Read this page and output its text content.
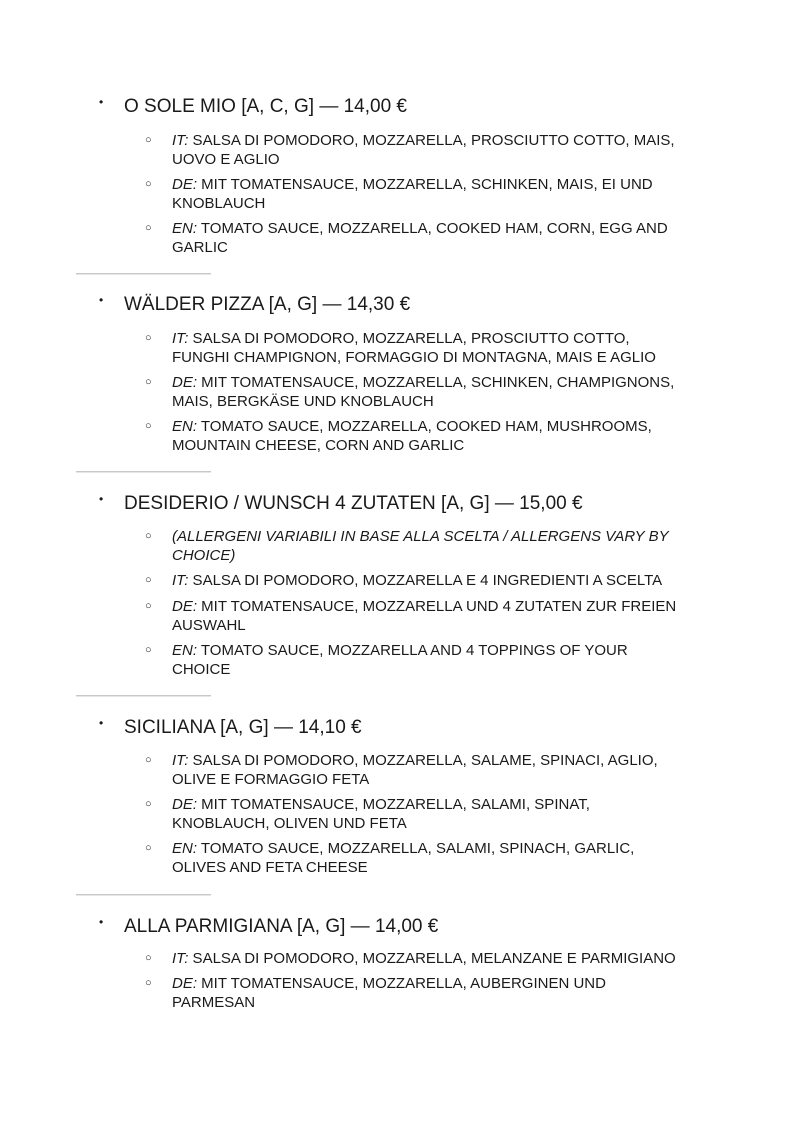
• O SOLE MIO [A, C, G] — 14,00 €
○ IT: SALSA DI POMODORO, MOZZARELLA, PROSCIUTTO COTTO, MAIS,
UOVO E AGLIO
○ DE: MIT TOMATENSAUCE, MOZZARELLA, SCHINKEN, MAIS, EI UND
KNOBLAUCH
○ EN: TOMATO SAUCE, MOZZARELLA, COOKED HAM, CORN, EGG AND
GARLIC
• WÄLDER PIZZA [A, G] — 14,30 €
○ IT: SALSA DI POMODORO, MOZZARELLA, PROSCIUTTO COTTO,
FUNGHI CHAMPIGNON, FORMAGGIO DI MONTAGNA, MAIS E AGLIO
○ DE: MIT TOMATENSAUCE, MOZZARELLA, SCHINKEN, CHAMPIGNONS,
MAIS, BERGKÄSE UND KNOBLAUCH
○ EN: TOMATO SAUCE, MOZZARELLA, COOKED HAM, MUSHROOMS,
MOUNTAIN CHEESE, CORN AND GARLIC
• DESIDERIO / WUNSCH 4 ZUTATEN [A, G] — 15,00 €
○ (ALLERGENI VARIABILI IN BASE ALLA SCELTA / ALLERGENS VARY BY
CHOICE)
○ IT: SALSA DI POMODORO, MOZZARELLA E 4 INGREDIENTI A SCELTA
○ DE: MIT TOMATENSAUCE, MOZZARELLA UND 4 ZUTATEN ZUR FREIEN
AUSWAHL
○ EN: TOMATO SAUCE, MOZZARELLA AND 4 TOPPINGS OF YOUR
CHOICE
• SICILIANA [A, G] — 14,10 €
○ IT: SALSA DI POMODORO, MOZZARELLA, SALAME, SPINACI, AGLIO,
OLIVE E FORMAGGIO FETA
○ DE: MIT TOMATENSAUCE, MOZZARELLA, SALAMI, SPINAT,
KNOBLAUCH, OLIVEN UND FETA
○ EN: TOMATO SAUCE, MOZZARELLA, SALAMI, SPINACH, GARLIC,
OLIVES AND FETA CHEESE
• ALLA PARMIGIANA [A, G] — 14,00 €
○ IT: SALSA DI POMODORO, MOZZARELLA, MELANZANE E PARMIGIANO
○ DE: MIT TOMATENSAUCE, MOZZARELLA, AUBERGINEN UND
PARMESAN
